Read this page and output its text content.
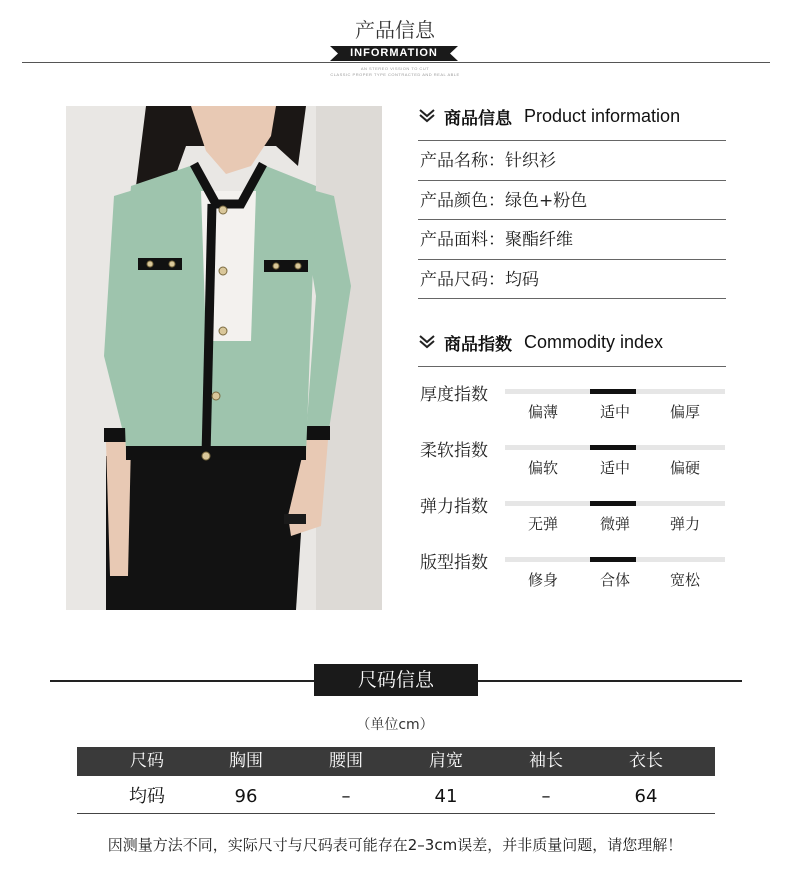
产品信息
INFORMATION
AN STEREO VISSION TO CUT
CLASSIC PROPER TYPE CONTRACTED AND REAL ABLE
商品信息 Product information
产品名称：针织衫
产品颜色：绿色+粉色
产品面料：聚酯纤维
产品尺码：均码
商品指数 Commodity index
厚度指数
偏薄	适中	偏厚
柔软指数
偏软	适中	偏硬
弹力指数
无弹	微弹	弹力
版型指数
修身	合体	宽松
尺码信息
（单位cm）
尺码	胸围	腰围	肩宽	袖长	衣长
均码	96	–	41	–	64
因测量方法不同，实际尺寸与尺码表可能存在2–3cm误差，并非质量问题，请您理解！
